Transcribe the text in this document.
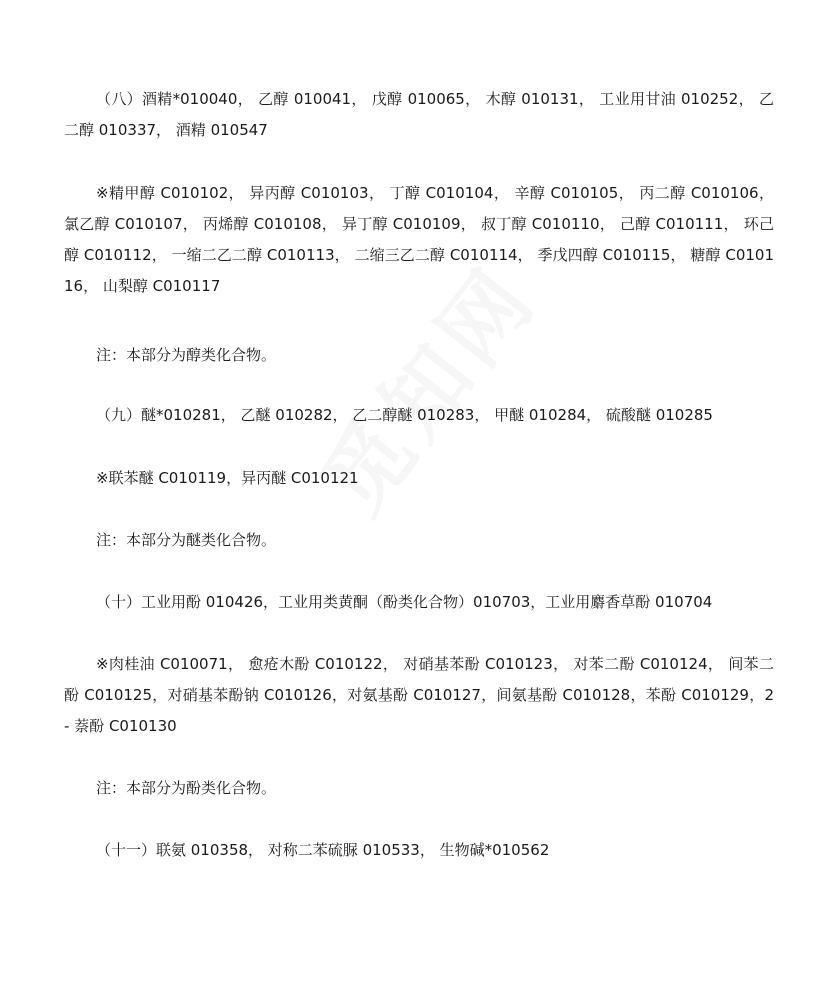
（八）酒精*010040， 乙醇 010041， 戊醇 010065， 木醇 010131， 工业用甘油 010252， 乙二醇 010337， 酒精 010547

※精甲醇 C010102， 异丙醇 C010103， 丁醇 C010104， 辛醇 C010105， 丙二醇 C010106， 氯乙醇 C010107， 丙烯醇 C010108， 异丁醇 C010109， 叔丁醇 C010110， 己醇 C010111， 环己醇 C010112， 一缩二乙二醇 C010113， 二缩三乙二醇 C010114， 季戊四醇 C010115， 糖醇 C010116， 山梨醇 C010117

注：本部分为醇类化合物。

（九）醚*010281， 乙醚 010282， 乙二醇醚 010283， 甲醚 010284， 硫酸醚 010285

※联苯醚 C010119，异丙醚 C010121

注：本部分为醚类化合物。

（十）工业用酚 010426，工业用类黄酮（酚类化合物）010703，工业用麝香草酚 010704

※肉桂油 C010071， 愈疮木酚 C010122， 对硝基苯酚 C010123， 对苯二酚 C010124， 间苯二酚 C010125，对硝基苯酚钠 C010126，对氨基酚 C010127，间氨基酚 C010128，苯酚 C010129，2 - 萘酚 C010130

注：本部分为酚类化合物。

（十一）联氨 010358， 对称二苯硫脲 010533， 生物碱*010562
